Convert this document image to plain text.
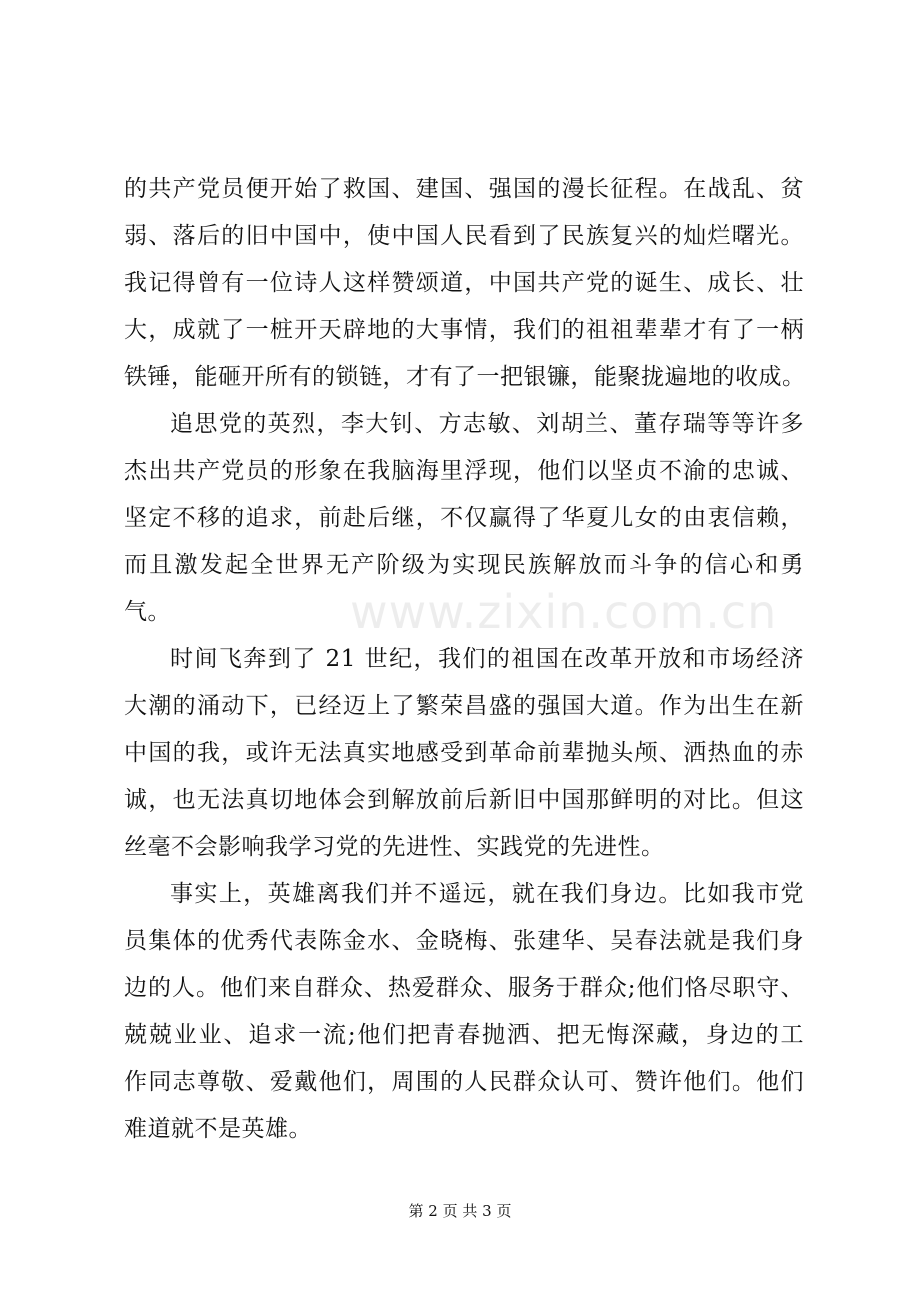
www.zixin.com.cn
的共产党员便开始了救国、建国、强国的漫长征程。在战乱、贫
弱、落后的旧中国中，使中国人民看到了民族复兴的灿烂曙光。
我记得曾有一位诗人这样赞颂道，中国共产党的诞生、成长、壮
大，成就了一桩开天辟地的大事情，我们的祖祖辈辈才有了一柄
铁锤，能砸开所有的锁链，才有了一把银镰，能聚拢遍地的收成。
追思党的英烈，李大钊、方志敏、刘胡兰、董存瑞等等许多
杰出共产党员的形象在我脑海里浮现，他们以坚贞不渝的忠诚、
坚定不移的追求，前赴后继，不仅赢得了华夏儿女的由衷信赖，
而且激发起全世界无产阶级为实现民族解放而斗争的信心和勇
气。
时间飞奔到了 21 世纪，我们的祖国在改革开放和市场经济
大潮的涌动下，已经迈上了繁荣昌盛的强国大道。作为出生在新
中国的我，或许无法真实地感受到革命前辈抛头颅、洒热血的赤
诚，也无法真切地体会到解放前后新旧中国那鲜明的对比。但这
丝毫不会影响我学习党的先进性、实践党的先进性。
事实上，英雄离我们并不遥远，就在我们身边。比如我市党
员集体的优秀代表陈金水、金晓梅、张建华、吴春法就是我们身
边的人。他们来自群众、热爱群众、服务于群众;他们恪尽职守、
兢兢业业、追求一流;他们把青春抛洒、把无悔深藏，身边的工
作同志尊敬、爱戴他们，周围的人民群众认可、赞许他们。他们
难道就不是英雄。
第 2 页 共 3 页
